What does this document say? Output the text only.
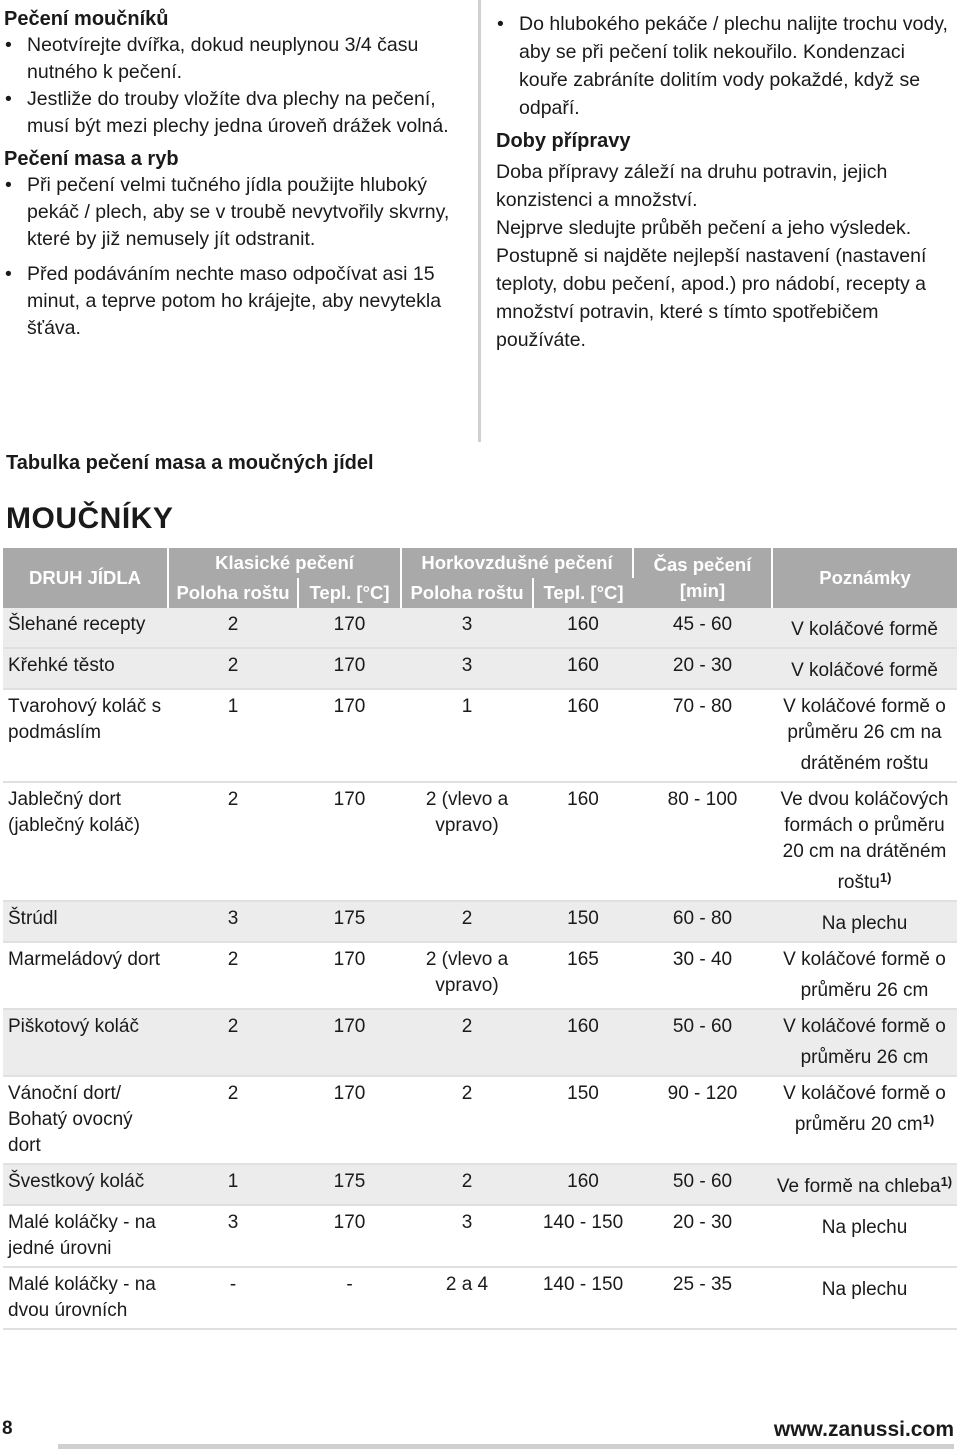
Pečení moučníků

• Neotvírejte dvířka, dokud neuplynou 3/4 času nutného k pečení.
• Jestliže do trouby vložíte dva plechy na pečení, musí být mezi plechy jedna úroveň drážek volná.

Pečení masa a ryb

• Při pečení velmi tučného jídla použijte hluboký pekáč / plech, aby se v troubě nevytvořily skvrny, které by již nemusely jít odstranit.
• Před podáváním nechte maso odpočívat asi 15 minut, a teprve potom ho krájejte, aby nevytekla šťáva.
• Do hlubokého pekáče / plechu nalijte trochu vody, aby se při pečení tolik nekouřilo. Kondenzaci kouře zabráníte dolitím vody pokaždé, když se odpaří.

Doby přípravy

Doba přípravy záleží na druhu potravin, jejich konzistenci a množství.

Nejprve sledujte průběh pečení a jeho výsledek. Postupně si najděte nejlepší nastavení (nastavení teploty, dobu pečení, apod.) pro nádobí, recepty a množství potravin, které s tímto spotřebičem používáte.

Tabulka pečení masa a moučných jídel
MOUČNÍKY
DRUH JÍDLA	Klasické pečení		Horkovzdušné pečení		Čas pečení [min]	Poznámky
	Poloha roštu	Tepl. [°C]	Poloha roštu	Tepl. [°C]		
Šlehané recepty	2	170	3	160	45 - 60	V koláčové formě
Křehké těsto	2	170	3	160	20 - 30	V koláčové formě
Tvarohový koláč s podmáslím	1	170	1	160	70 - 80	V koláčové formě o průměru 26 cm na drátěném roštu
Jablečný dort (jablečný koláč)	2	170	2 (vlevo a vpravo)	160	80 - 100	Ve dvou koláčových formách o průměru 20 cm na drátěném roštu$^{1)}$
Štrúdl	3	175	2	150	60 - 80	Na plechu
Marmeládový dort	2	170	2 (vlevo a vpravo)	165	30 - 40	V koláčové formě o průměru 26 cm
Piškotový koláč	2	170	2	160	50 - 60	V koláčové formě o průměru 26 cm
Vánoční dort/ Bohatý ovocný dort	2	170	2	150	90 - 120	V koláčové formě o průměru 20 $cm^{1)}$
Švestkový koláč	1	175	2	160	50 - 60	Ve formě na chleba$^{1)}$
Malé koláčky - na jedné úrovni	3	170	3	140 - 150	20 - 30	Na plechu
Malé koláčky - na dvou úrovních	-	-	2 a 4	140 - 150	25 - 35	Na plechu
8	www.zanussi.com
